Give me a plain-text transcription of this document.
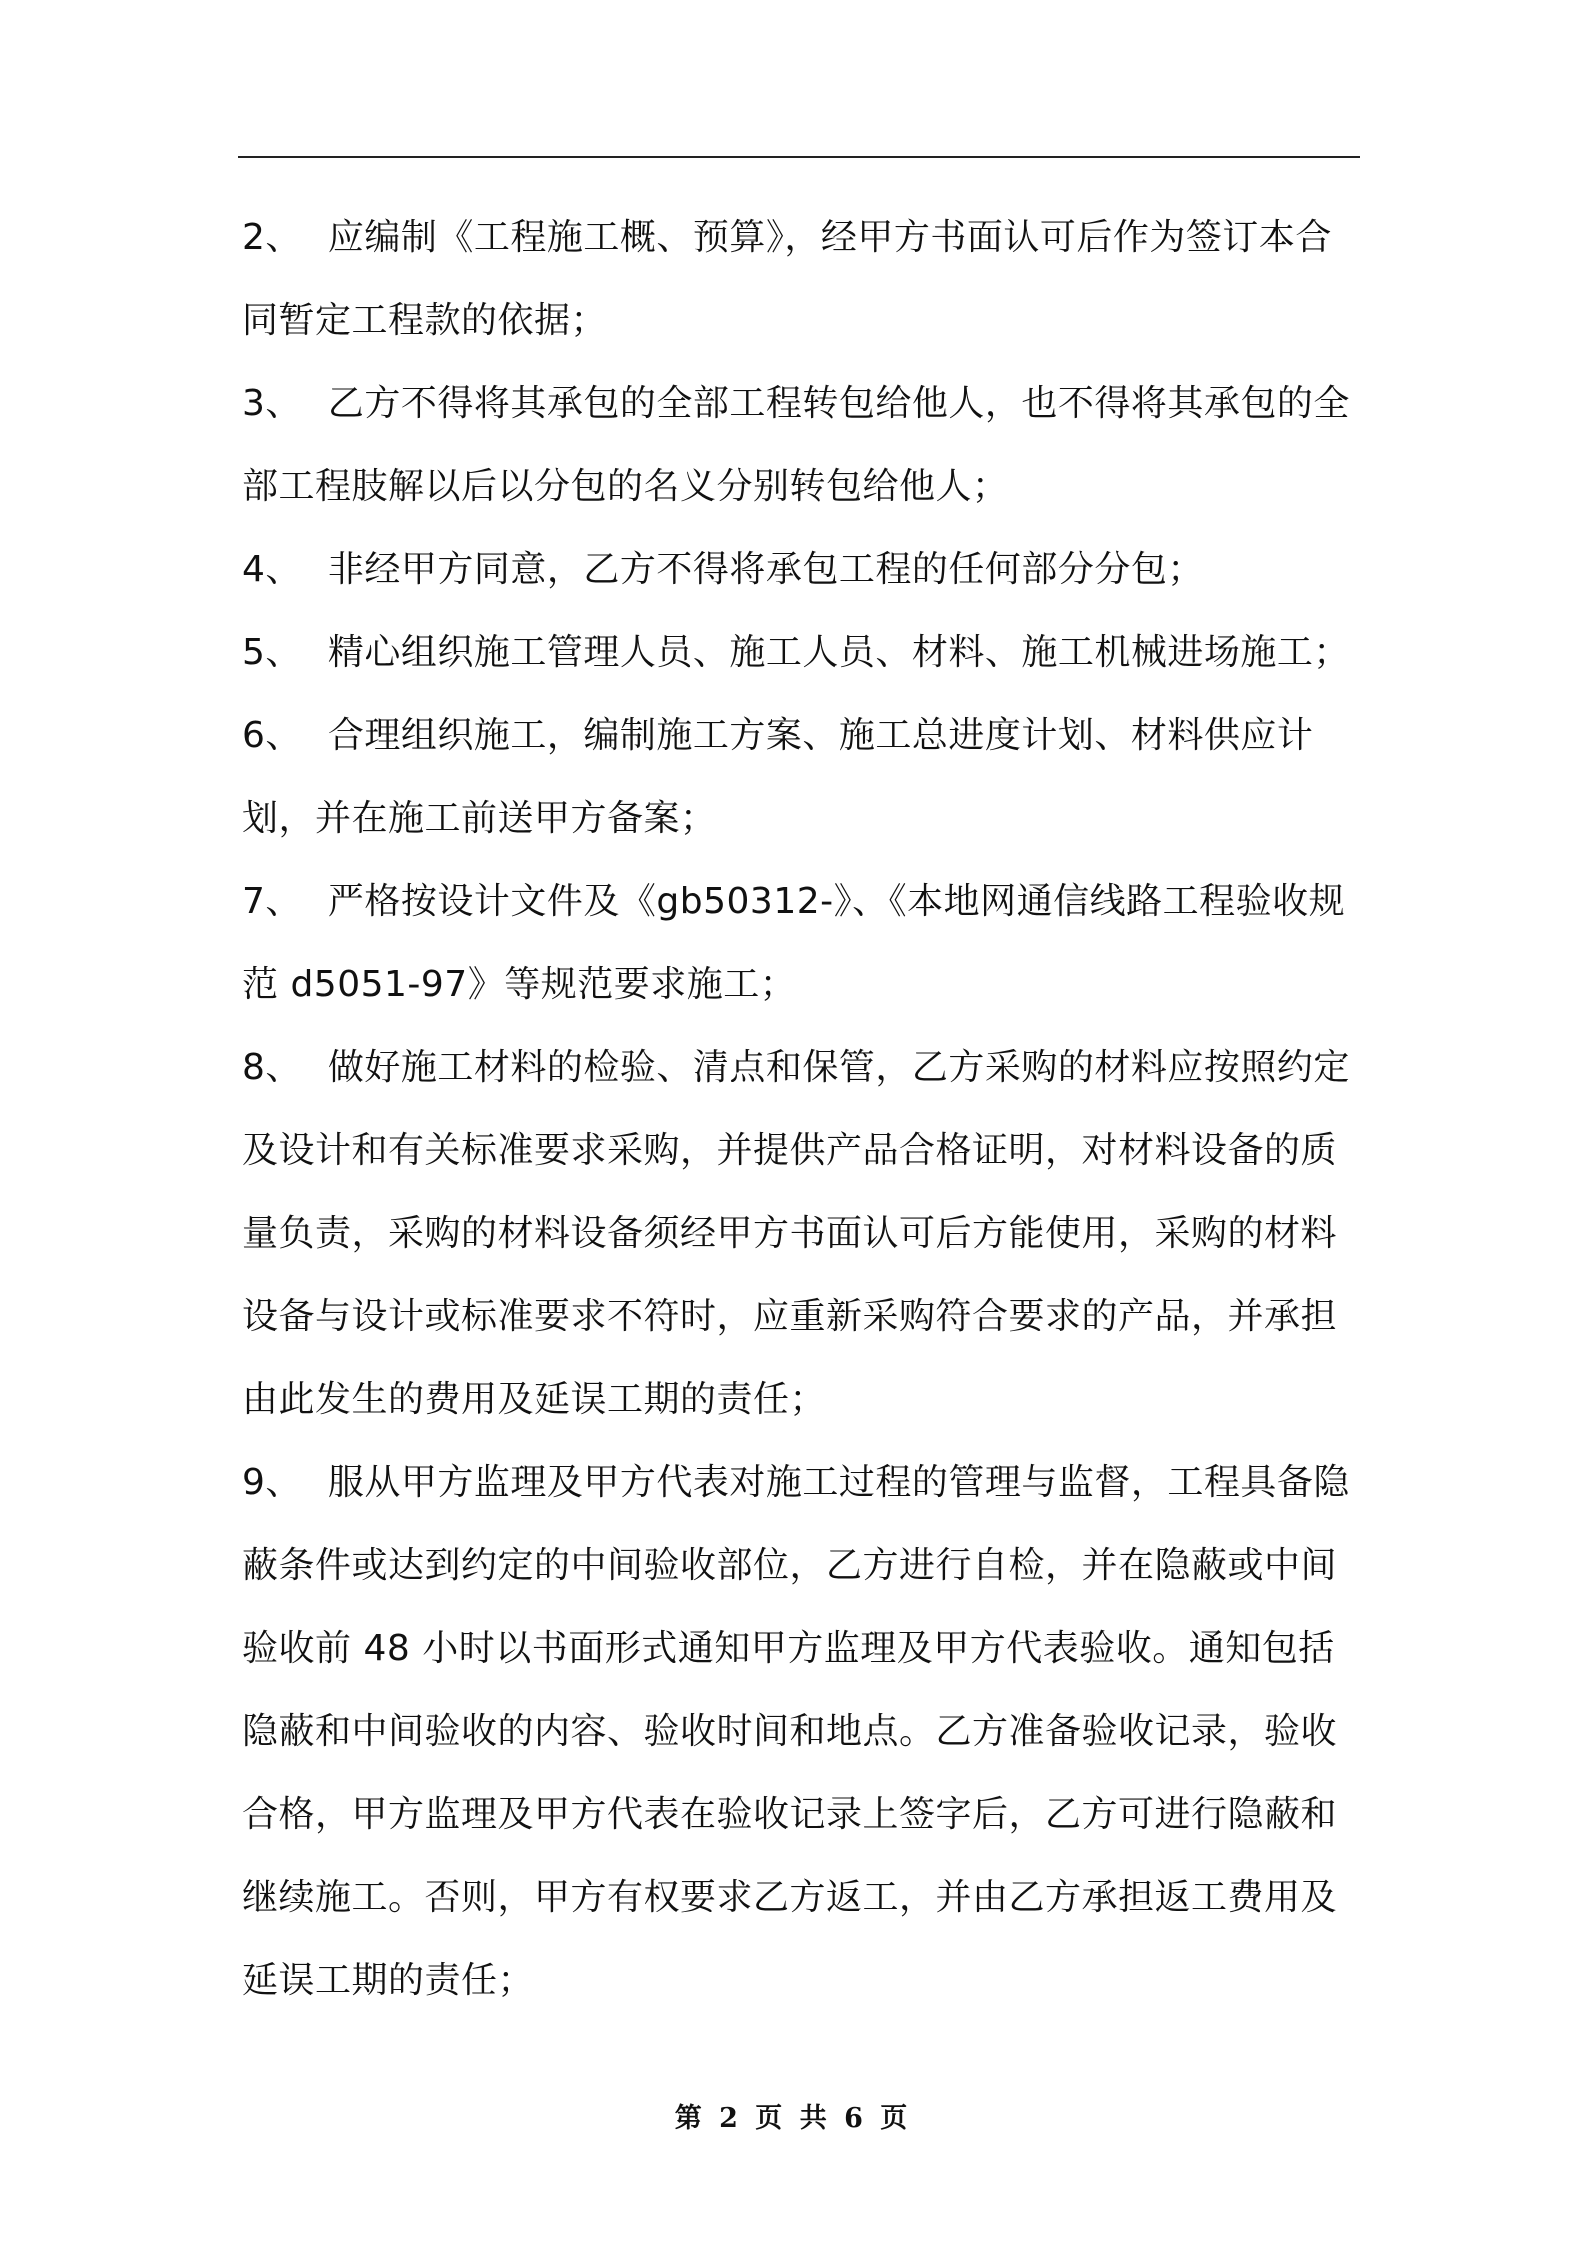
2、 应编制《工程施工概、预算》，经甲方书面认可后作为签订本合同暂定工程款的依据；

3、 乙方不得将其承包的全部工程转包给他人，也不得将其承包的全部工程肢解以后以分包的名义分别转包给他人；

4、 非经甲方同意，乙方不得将承包工程的任何部分分包；

5、 精心组织施工管理人员、施工人员、材料、施工机械进场施工；

6、 合理组织施工，编制施工方案、施工总进度计划、材料供应计划，并在施工前送甲方备案；

7、 严格按设计文件及《gb50312-》、《本地网通信线路工程验收规范 d5051-97》等规范要求施工；

8、 做好施工材料的检验、清点和保管，乙方采购的材料应按照约定及设计和有关标准要求采购，并提供产品合格证明，对材料设备的质量负责，采购的材料设备须经甲方书面认可后方能使用，采购的材料设备与设计或标准要求不符时，应重新采购符合要求的产品，并承担由此发生的费用及延误工期的责任；

9、 服从甲方监理及甲方代表对施工过程的管理与监督，工程具备隐蔽条件或达到约定的中间验收部位，乙方进行自检，并在隐蔽或中间验收前 48 小时以书面形式通知甲方监理及甲方代表验收。通知包括隐蔽和中间验收的内容、验收时间和地点。乙方准备验收记录，验收合格，甲方监理及甲方代表在验收记录上签字后，乙方可进行隐蔽和继续施工。否则，甲方有权要求乙方返工，并由乙方承担返工费用及延误工期的责任；

第 2 页 共 6 页
